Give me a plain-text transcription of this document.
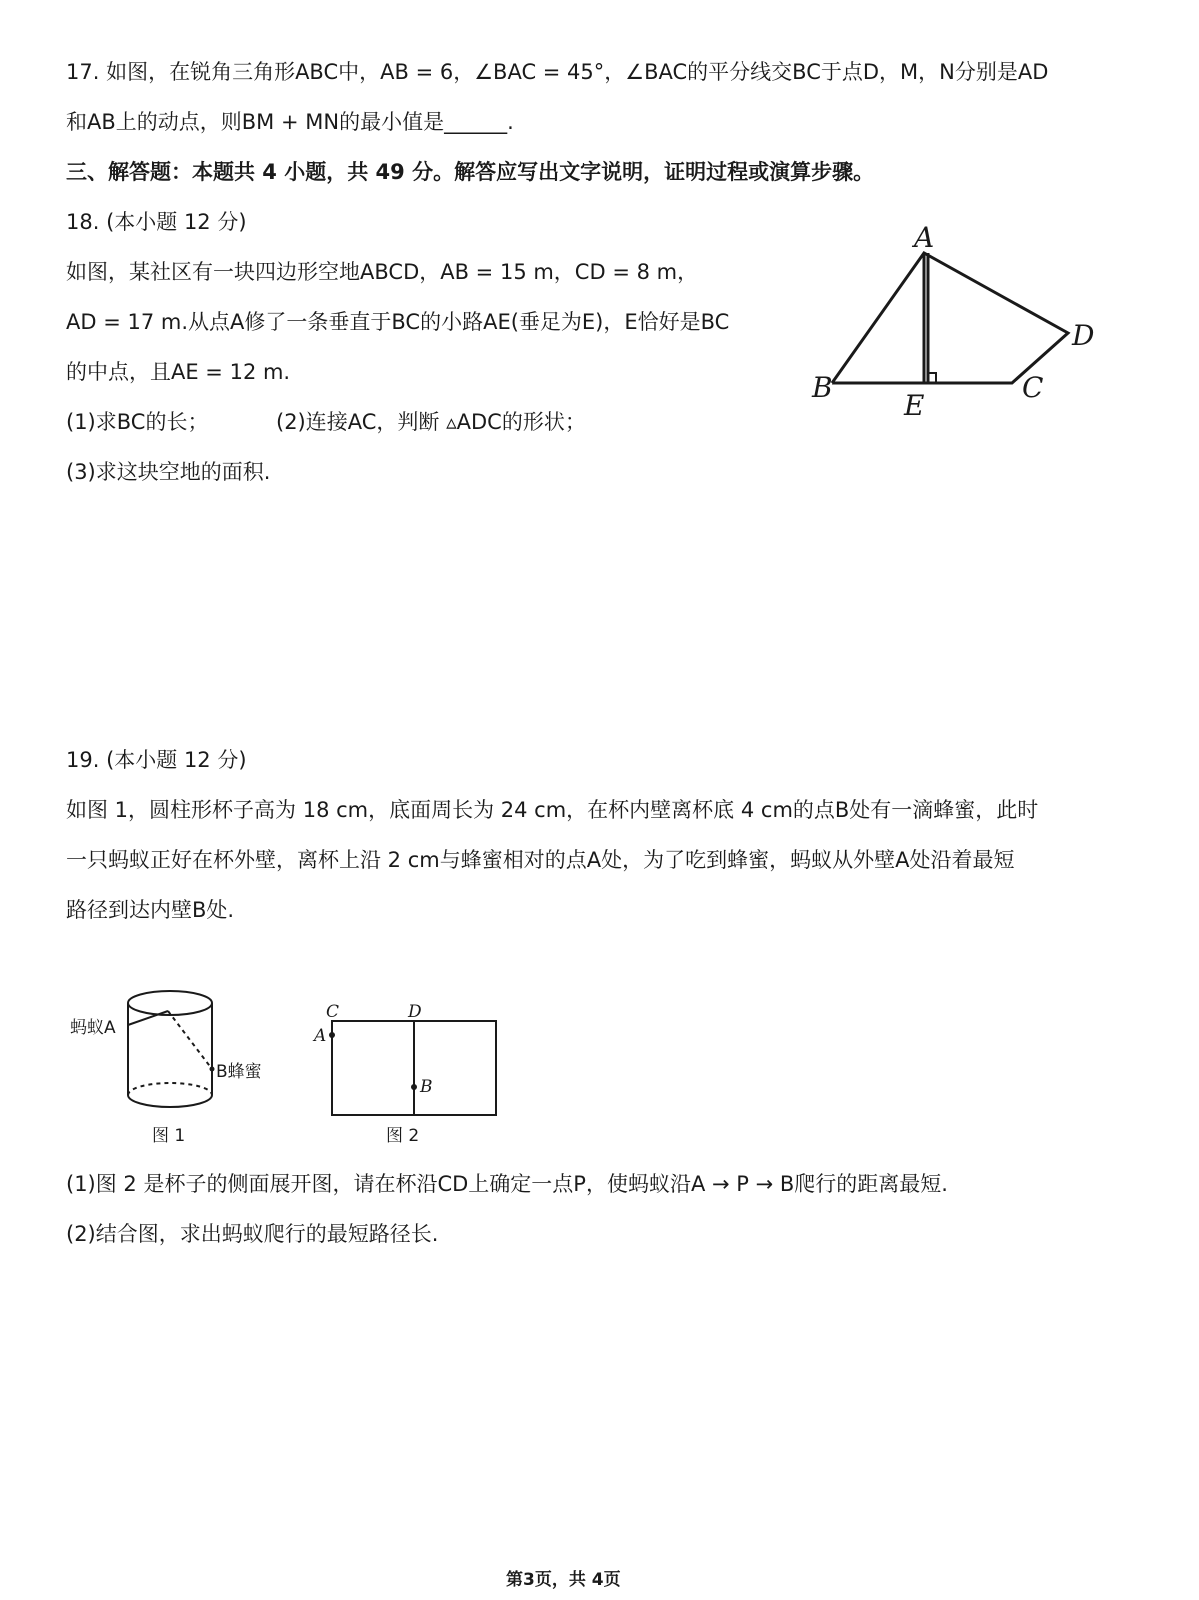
17. 如图，在锐角三角形ABC中，AB = 6，∠BAC = 45°，∠BAC的平分线交BC于点D，M，N分别是AD
和AB上的动点，则BM + MN的最小值是______.
三、解答题：本题共 4 小题，共 49 分。解答应写出文字说明，证明过程或演算步骤。
18. (本小题 12 分)
如图，某社区有一块四边形空地ABCD，AB = 15 m，CD = 8 m，
AD = 17 m.从点A修了一条垂直于BC的小路AE(垂足为E)，E恰好是BC
的中点，且AE = 12 m.
(1)求BC的长；	(2)连接AC，判断 ▵ADC的形状；
(3)求这块空地的面积.
A
B
E
C
D
19. (本小题 12 分)
如图 1，圆柱形杯子高为 18 cm，底面周长为 24 cm，在杯内壁离杯底 4 cm的点B处有一滴蜂蜜，此时
一只蚂蚁正好在杯外壁，离杯上沿 2 cm与蜂蜜相对的点A处，为了吃到蜂蜜，蚂蚁从外壁A处沿着最短
路径到达内壁B处.
蚂蚁A
B蜂蜜
图 1
C	D
A
B
图 2
(1)图 2 是杯子的侧面展开图，请在杯沿CD上确定一点P，使蚂蚁沿A → P → B爬行的距离最短.
(2)结合图，求出蚂蚁爬行的最短路径长.
第3页，共 4页
